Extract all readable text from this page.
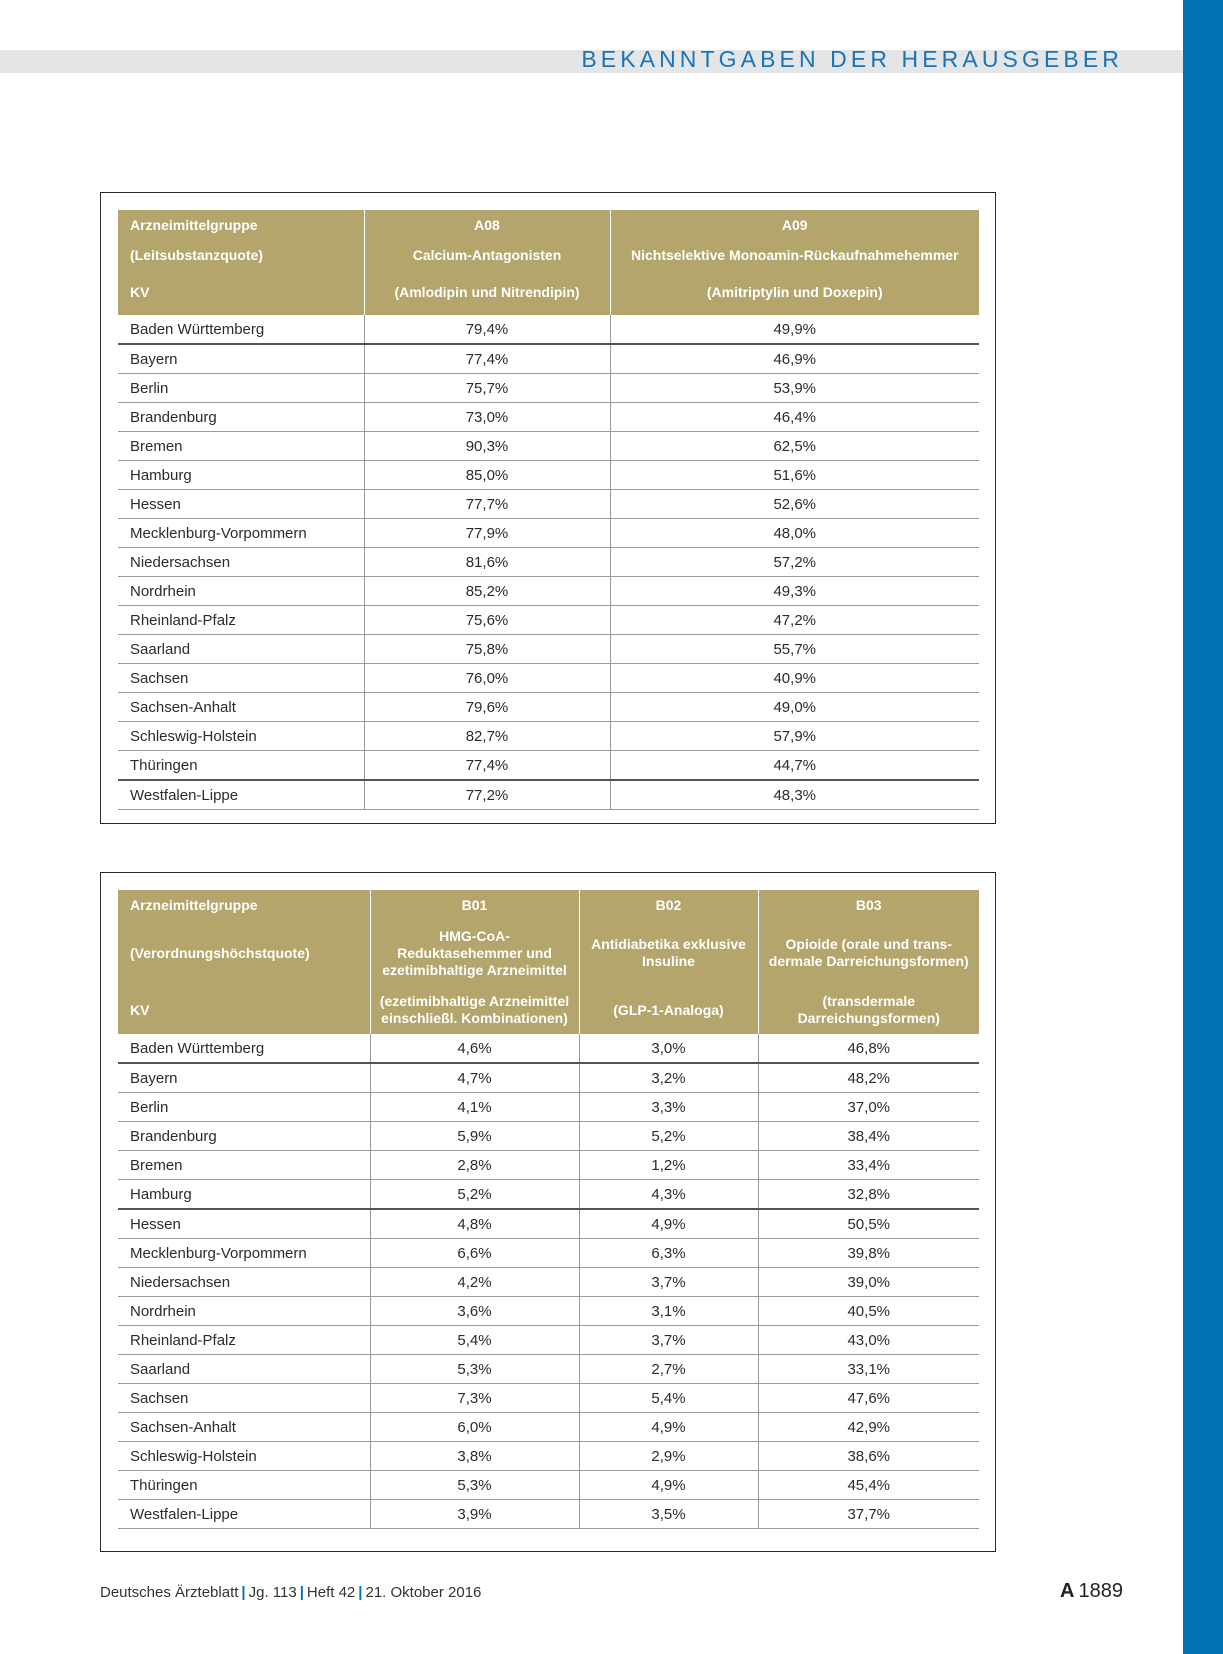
BEKANNTGABEN DER HERAUSGEBER
Arzneimittelgruppe	A08	A09
(Leitsubstanzquote)	Calcium-Antagonisten	Nichtselektive Monoamin-Rückaufnahmehemmer
KV	(Amlodipin und Nitrendipin)	(Amitriptylin und Doxepin)
Baden Württemberg	79,4%	49,9%
Bayern	77,4%	46,9%
Berlin	75,7%	53,9%
Brandenburg	73,0%	46,4%
Bremen	90,3%	62,5%
Hamburg	85,0%	51,6%
Hessen	77,7%	52,6%
Mecklenburg-Vorpommern	77,9%	48,0%
Niedersachsen	81,6%	57,2%
Nordrhein	85,2%	49,3%
Rheinland-Pfalz	75,6%	47,2%
Saarland	75,8%	55,7%
Sachsen	76,0%	40,9%
Sachsen-Anhalt	79,6%	49,0%
Schleswig-Holstein	82,7%	57,9%
Thüringen	77,4%	44,7%
Westfalen-Lippe	77,2%	48,3%
Arzneimittelgruppe	B01	B02	B03
(Verordnungshöchstquote)	HMG-CoA-Reduktasehemmer und ezetimibhaltige Arzneimittel	Antidiabetika exklusive Insuline	Opioide (orale und trans-dermale Darreichungsformen)
KV	(ezetimibhaltige Arzneimittel einschließl. Kombinationen)	(GLP-1-Analoga)	(transdermale Darreichungsformen)
Baden Württemberg	4,6%	3,0%	46,8%
Bayern	4,7%	3,2%	48,2%
Berlin	4,1%	3,3%	37,0%
Brandenburg	5,9%	5,2%	38,4%
Bremen	2,8%	1,2%	33,4%
Hamburg	5,2%	4,3%	32,8%
Hessen	4,8%	4,9%	50,5%
Mecklenburg-Vorpommern	6,6%	6,3%	39,8%
Niedersachsen	4,2%	3,7%	39,0%
Nordrhein	3,6%	3,1%	40,5%
Rheinland-Pfalz	5,4%	3,7%	43,0%
Saarland	5,3%	2,7%	33,1%
Sachsen	7,3%	5,4%	47,6%
Sachsen-Anhalt	6,0%	4,9%	42,9%
Schleswig-Holstein	3,8%	2,9%	38,6%
Thüringen	5,3%	4,9%	45,4%
Westfalen-Lippe	3,9%	3,5%	37,7%
Deutsches Ärzteblatt | Jg. 113 | Heft 42 | 21. Oktober 2016	A 1889
